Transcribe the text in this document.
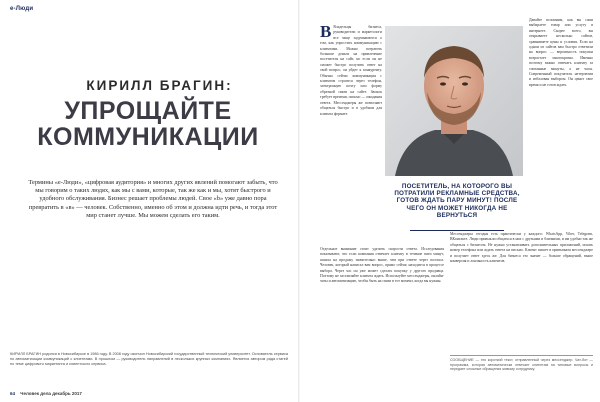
e-Люди
КИРИЛЛ БРАГИН:
УПРОЩАЙТЕ КОММУНИКАЦИИ
Термины «e-Люди», «цифровая аудитория» и многих других явлений помогают забыть, что мы говорим о таких людях, как мы с вами, которые, так же как и мы, хотят быстрого и удобного обслуживания. Бизнес решает проблемы людей. Свое «b» уже давно пора превратить в «в» — человек. Собственно, именно об этом и должна идти речь, и тогда этот мир станет лучше. Мы можем сделать его таким.
КИРИЛЛ БРАГИН родился в Новосибирске в 1986 году. В 2008 году окончил Новосибирский государственный технический университет. Основатель сервиса по автоматизации коммуникаций с клиентами. В прошлом — руководитель направлений в нескольких крупных компаниях. Является автором ряда статей по теме цифрового маркетинга и клиентского сервиса.
64 Человек дела декабрь 2017
В Владельцы бизнеса, руководители и маркетологи все чаще задумываются о том, как упростить коммуникацию с клиентами. Можно потратить большие деньги на привлечение посетителя на сайт, но если он не сможет быстро получить ответ на свой вопрос, он уйдет к конкуренту. Обычно сейчас коммуникация с клиентом строится через телефон, электронную почту или форму обратной связи на сайте. Звонок требует времени, письмо — ожидания ответа. Мессенджеры же позволяют общаться быстро и в удобном для клиента формате.
ПОСЕТИТЕЛЬ, НА КОТОРОГО ВЫ ПОТРАТИЛИ РЕКЛАМНЫЕ СРЕДСТВА, ГОТОВ ЖДАТЬ ПАРУ МИНУТ! ПОСЛЕ ЧЕГО ОН МОЖЕТ НИКОГДА НЕ ВЕРНУТЬСЯ
Давайте вспомним, как вы сами выбираете товар или услугу в интернете. Скорее всего, вы открываете несколько сайтов, сравниваете цены и условия. Если на одном из сайтов вам быстро ответили на вопрос — вероятность покупки возрастает многократно. Именно поэтому важно отвечать клиенту за считанные минуты, а не часы. Современный покупатель нетерпелив и избалован выбором. Он ценит свое время и не готов ждать.
Отдельное внимание стоит уделить скорости ответа. Исследования показывают, что если компания отвечает клиенту в течение пяти минут, шансы на продажу значительно выше, чем при ответе через полчаса. Человек, который написал вам вопрос, прямо сейчас находится в процессе выбора. Через час он уже может сделать покупку у другого продавца. Поэтому не заставляйте клиента ждать. Используйте мессенджеры, онлайн-чаты и автоматизацию, чтобы быть на связи в тот момент, когда вы нужны.
Мессенджеры сегодня есть практически у каждого: WhatsApp, Viber, Telegram, ВКонтакте. Люди привыкли общаться в них с друзьями и близкими, и им удобно так же общаться с бизнесом. Не нужно устанавливать дополнительных приложений, искать номер телефона или ждать ответа на письмо. Клиент пишет в привычном мессенджере и получает ответ здесь же. Для бизнеса это значит — больше обращений, выше конверсия и лояльность клиентов.
СООБЩЕНИЕ — это короткий текст, отправленный через мессенджер. Чат-бот — программа, которая автоматически отвечает клиентам на типовые вопросы и передает сложные обращения живому сотруднику.
